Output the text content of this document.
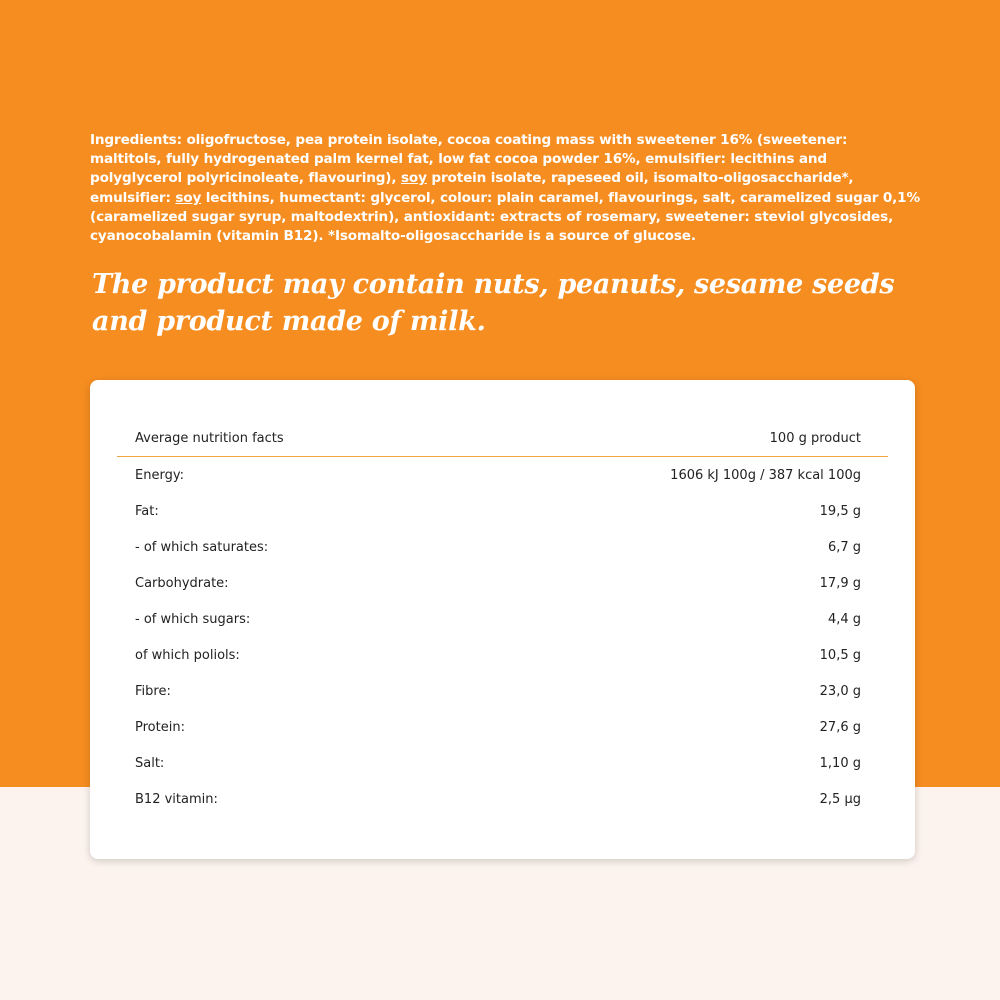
Ingredients: oligofructose, pea protein isolate, cocoa coating mass with sweetener 16% (sweetener: maltitols, fully hydrogenated palm kernel fat, low fat cocoa powder 16%, emulsifier: lecithins and polyglycerol polyricinoleate, flavouring), soy protein isolate, rapeseed oil, isomalto-oligosaccharide*, emulsifier: soy lecithins, humectant: glycerol, colour: plain caramel, flavourings, salt, caramelized sugar 0,1% (caramelized sugar syrup, maltodextrin), antioxidant: extracts of rosemary, sweetener: steviol glycosides, cyanocobalamin (vitamin B12). *Isomalto-oligosaccharide is a source of glucose.

The product may contain nuts, peanuts, sesame seeds and product made of milk.
Average nutrition facts	100 g product
Energy:	1606 kJ 100g / 387 kcal 100g
Fat:	19,5 g
- of which saturates:	6,7 g
Carbohydrate:	17,9 g
- of which sugars:	4,4 g
of which poliols:	10,5 g
Fibre:	23,0 g
Protein:	27,6 g
Salt:	1,10 g
B12 vitamin:	2,5 µg
